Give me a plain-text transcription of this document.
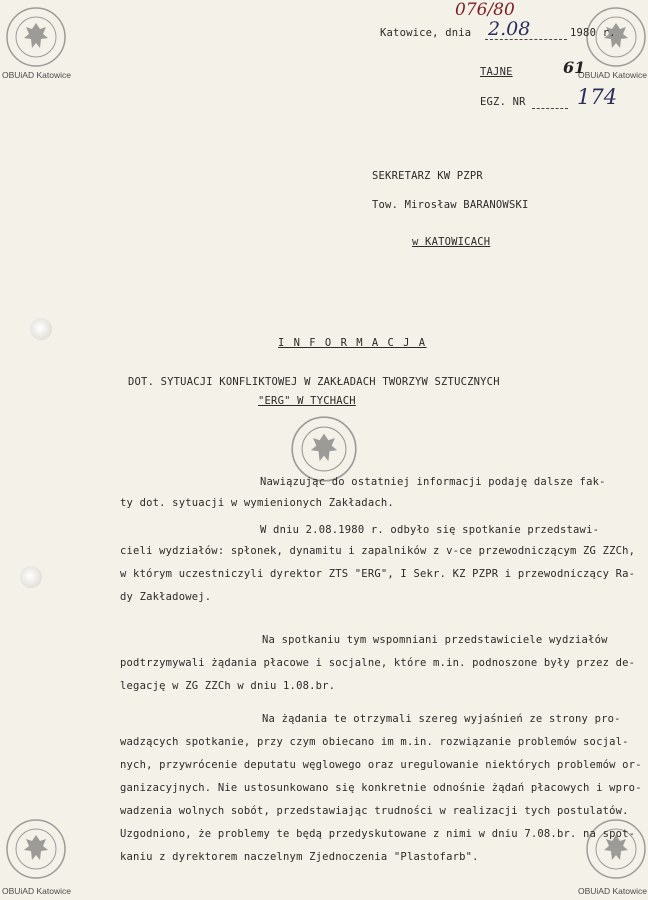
OBUiAD Katowice	OBUiAD Katowice
OBUiAD Katowice	OBUiAD Katowice
076/80
Katowice, dnia 2.08	1980 r.
TAJNE	61
EGZ. NR 174
SEKRETARZ KW PZPR
Tow. Mirosław BARANOWSKI
w KATOWICACH
I N F O R M A C J A
DOT. SYTUACJI KONFLIKTOWEJ W ZAKŁADACH TWORZYW SZTUCZNYCH
"ERG" W TYCHACH
Nawiązując do ostatniej informacji podaję dalsze fak-
ty dot. sytuacji w wymienionych Zakładach.
W dniu 2.08.1980 r. odbyło się spotkanie przedstawi-
cieli wydziałów: spłonek, dynamitu i zapalników z v-ce przewodniczącym ZG ZZCh,
w którym uczestniczyli dyrektor ZTS "ERG", I Sekr. KZ PZPR i przewodniczący Ra-
dy Zakładowej.
Na spotkaniu tym wspomniani przedstawiciele wydziałów
podtrzymywali żądania płacowe i socjalne, które m.in. podnoszone były przez de-
legację w ZG ZZCh w dniu 1.08.br.
Na żądania te otrzymali szereg wyjaśnień ze strony pro-
wadzących spotkanie, przy czym obiecano im m.in. rozwiązanie problemów socjal-
nych, przywrócenie deputatu węglowego oraz uregulowanie niektórych problemów or-
ganizacyjnych. Nie ustosunkowano się konkretnie odnośnie żądań płacowych i wpro-
wadzenia wolnych sobót, przedstawiając trudności w realizacji tych postulatów.
Uzgodniono, że problemy te będą przedyskutowane z nimi w dniu 7.08.br. na spot-
kaniu z dyrektorem naczelnym Zjednoczenia "Plastofarb".
